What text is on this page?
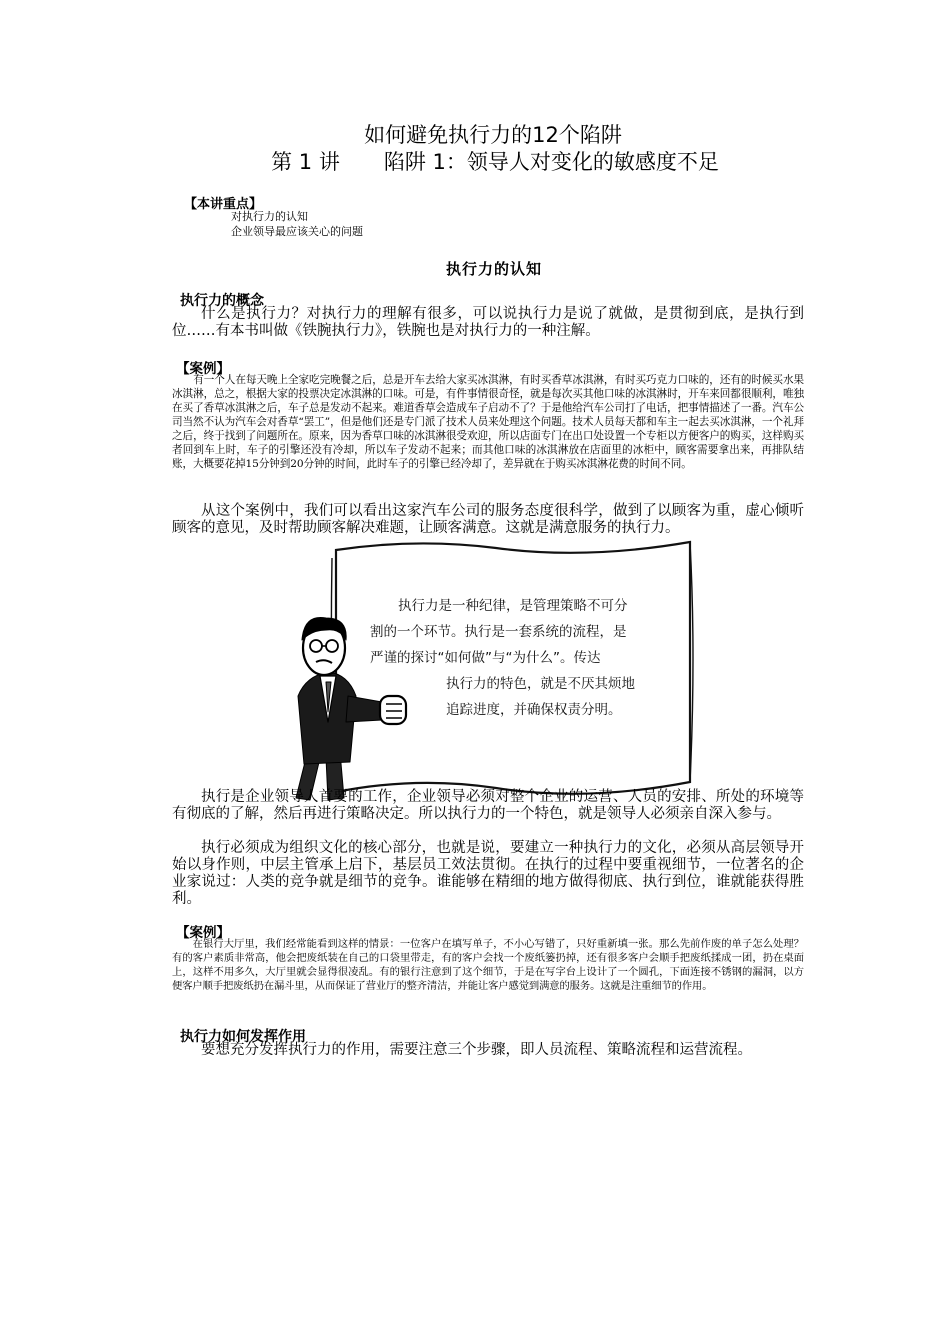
如何避免执行力的12个陷阱
第 1 讲 陷阱 1：领导人对变化的敏感度不足
【本讲重点】
对执行力的认知
企业领导最应该关心的问题
执行力的认知
执行力的概念
什么是执行力？对执行力的理解有很多，可以说执行力是说了就做，是贯彻到底，是执行到位……有本书叫做《铁腕执行力》，铁腕也是对执行力的一种注解。
【案例】
有一个人在每天晚上全家吃完晚餐之后，总是开车去给大家买冰淇淋，有时买香草冰淇淋，有时买巧克力口味的，还有的时候买水果冰淇淋，总之，根据大家的投票决定冰淇淋的口味。可是，有件事情很奇怪，就是每次买其他口味的冰淇淋时，开车来回都很顺利，唯独在买了香草冰淇淋之后，车子总是发动不起来。难道香草会造成车子启动不了？于是他给汽车公司打了电话，把事情描述了一番。汽车公司当然不认为汽车会对香草“罢工”，但是他们还是专门派了技术人员来处理这个问题。技术人员每天都和车主一起去买冰淇淋，一个礼拜之后，终于找到了问题所在。原来，因为香草口味的冰淇淋很受欢迎，所以店面专门在出口处设置一个专柜以方便客户的购买，这样购买者回到车上时，车子的引擎还没有冷却，所以车子发动不起来；而其他口味的冰淇淋放在店面里的冰柜中，顾客需要拿出来，再排队结账，大概要花掉15分钟到20分钟的时间，此时车子的引擎已经冷却了，差异就在于购买冰淇淋花费的时间不同。
从这个案例中，我们可以看出这家汽车公司的服务态度很科学，做到了以顾客为重，虚心倾听顾客的意见，及时帮助顾客解决难题，让顾客满意。这就是满意服务的执行力。
执行力是一种纪律，是管理策略不可分
割的一个环节。执行是一套系统的流程，是
严谨的探讨“如何做”与“为什么”。传达
执行力的特色，就是不厌其烦地
追踪进度，并确保权责分明。
执行是企业领导人首要的工作，企业领导必须对整个企业的运营、人员的安排、所处的环境等有彻底的了解，然后再进行策略决定。所以执行力的一个特色，就是领导人必须亲自深入参与。
执行必须成为组织文化的核心部分，也就是说，要建立一种执行力的文化，必须从高层领导开始以身作则，中层主管承上启下，基层员工效法贯彻。在执行的过程中要重视细节，一位著名的企业家说过：人类的竞争就是细节的竞争。谁能够在精细的地方做得彻底、执行到位，谁就能获得胜利。
【案例】
在银行大厅里，我们经常能看到这样的情景：一位客户在填写单子，不小心写错了，只好重新填一张。那么先前作废的单子怎么处理？有的客户素质非常高，他会把废纸装在自己的口袋里带走，有的客户会找一个废纸篓扔掉，还有很多客户会顺手把废纸揉成一团，扔在桌面上，这样不用多久，大厅里就会显得很凌乱。有的银行注意到了这个细节，于是在写字台上设计了一个圆孔，下面连接不锈钢的漏洞，以方便客户顺手把废纸扔在漏斗里，从而保证了营业厅的整齐清洁，并能让客户感觉到满意的服务。这就是注重细节的作用。
执行力如何发挥作用
要想充分发挥执行力的作用，需要注意三个步骤，即人员流程、策略流程和运营流程。
